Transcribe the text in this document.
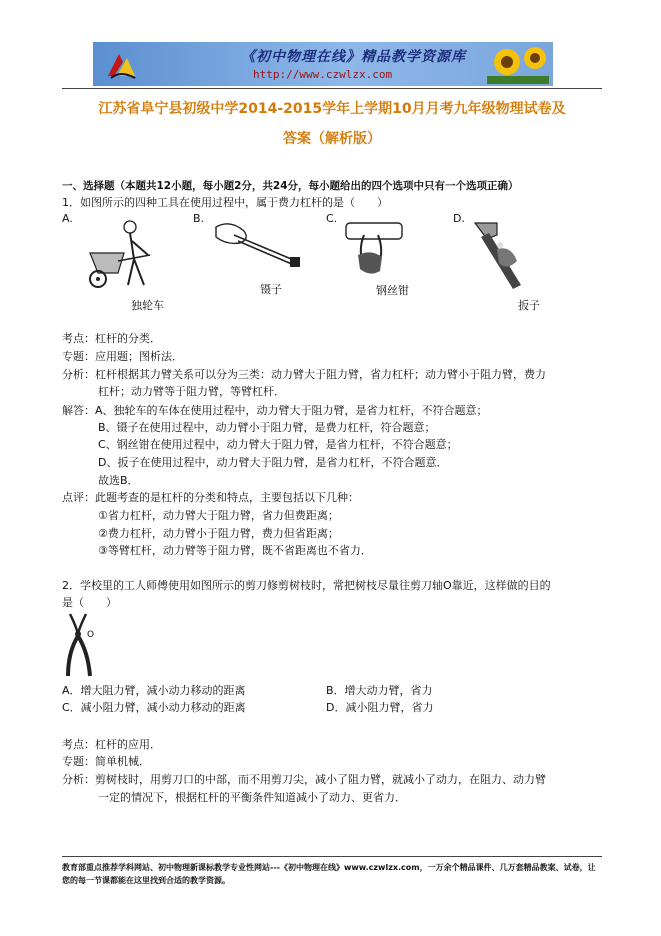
《初中物理在线》精品教学资源库
http://www.czwlzx.com
江苏省阜宁县初级中学2014-2015学年上学期10月月考九年级物理试卷及
答案（解析版）
一、选择题（本题共12小题，每小题2分，共24分，每小题给出的四个选项中只有一个选项正确）
1．如图所示的四种工具在使用过程中，属于费力杠杆的是（　　）
A.	B.	C.	D.
独轮车
镊子	钢丝钳
扳子
考点：杠杆的分类．
专题：应用题；图析法．
分析：杠杆根据其力臂关系可以分为三类：动力臂大于阻力臂，省力杠杆；动力臂小于阻力臂，费力
杠杆；动力臂等于阻力臂，等臂杠杆．
解答：A、独轮车的车体在使用过程中，动力臂大于阻力臂，是省力杠杆，不符合题意；
B、镊子在使用过程中，动力臂小于阻力臂，是费力杠杆，符合题意；
C、钢丝钳在使用过程中，动力臂大于阻力臂，是省力杠杆，不符合题意；
D、扳子在使用过程中，动力臂大于阻力臂，是省力杠杆，不符合题意．
故选B．
点评：此题考查的是杠杆的分类和特点，主要包括以下几种：
①省力杠杆，动力臂大于阻力臂，省力但费距离；
②费力杠杆，动力臂小于阻力臂，费力但省距离；
③等臂杠杆，动力臂等于阻力臂，既不省距离也不省力．
2．学校里的工人师傅使用如图所示的剪刀修剪树枝时，常把树枝尽量往剪刀轴O靠近，这样做的目的
是（　　）
O
A．增大阻力臂，减小动力移动的距离	B．增大动力臂，省力
C．减小阻力臂，减小动力移动的距离	D．减小阻力臂，省力
考点：杠杆的应用．
专题：简单机械．
分析：剪树枝时，用剪刀口的中部，而不用剪刀尖，减小了阻力臂，就减小了动力，在阻力、动力臂
一定的情况下，根据杠杆的平衡条件知道减小了动力、更省力．
教育部重点推荐学科网站、初中物理新课标教学专业性网站---《初中物理在线》www.czwlzx.com，一万余个精品课件、几万套精品教案、试卷，让您的每一节课都能在这里找到合适的教学资源。
